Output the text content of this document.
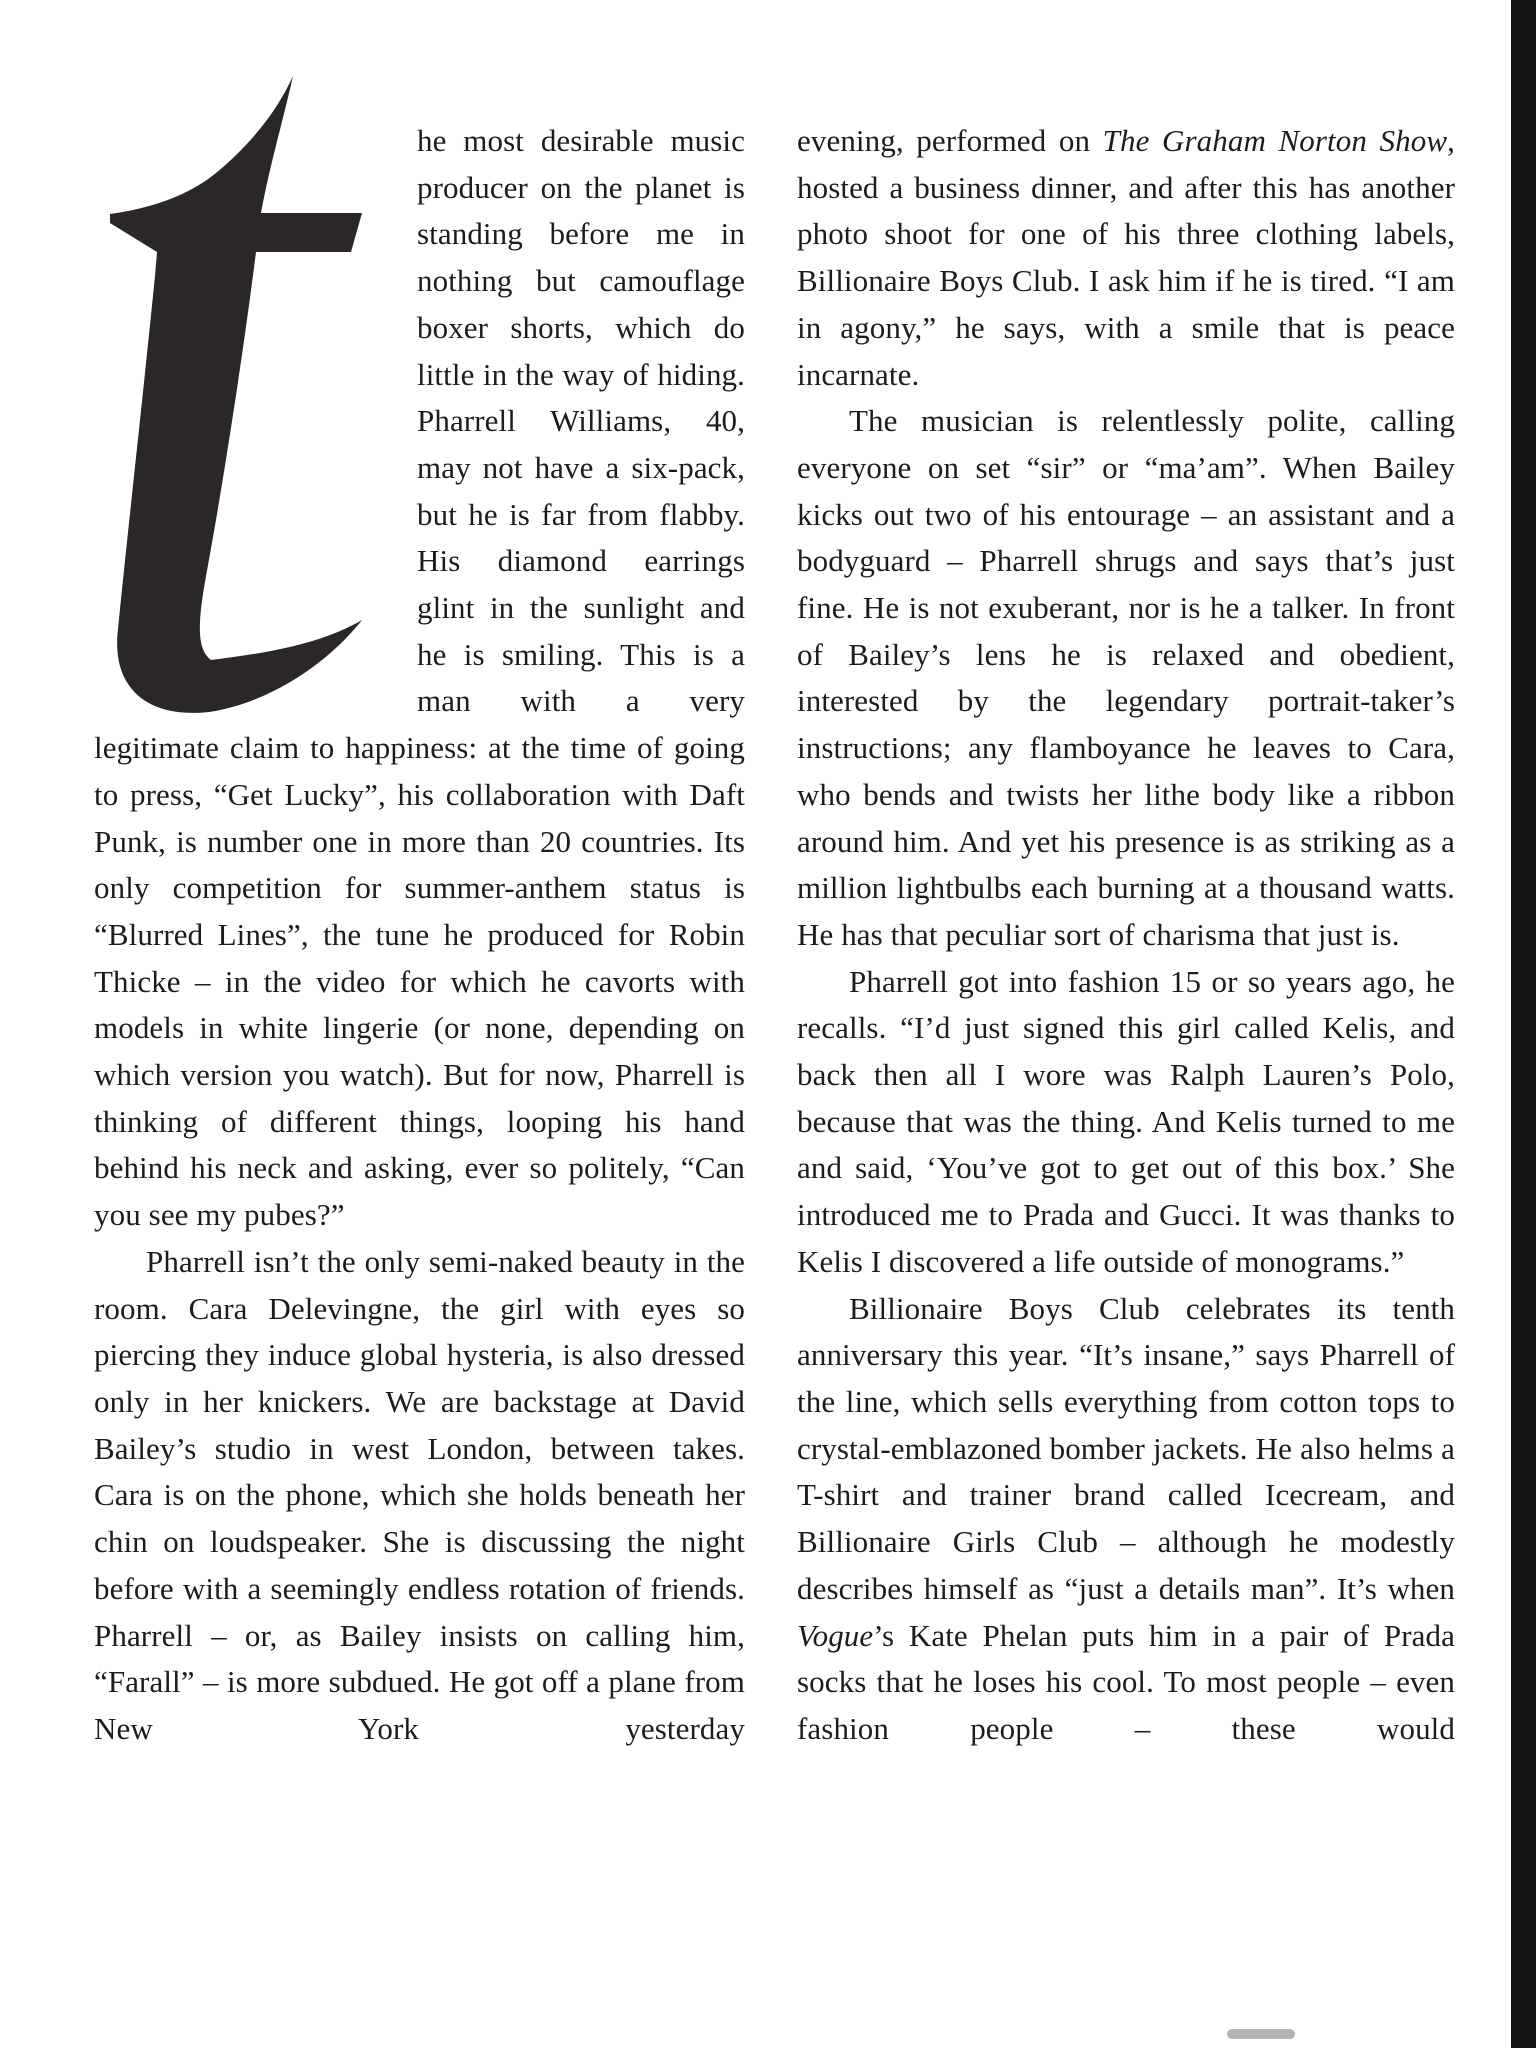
he most desirable music producer on the planet is standing before me in nothing but camouflage boxer shorts, which do little in the way of hiding. Pharrell Williams, 40, may not have a six-pack, but he is far from flabby. His diamond earrings glint in the sunlight and he is smiling. This is a man with a very legitimate claim to happiness: at the time of going to press, “Get Lucky”, his collaboration with Daft Punk, is number one in more than 20 countries. Its only competition for summer-anthem status is “Blurred Lines”, the tune he produced for Robin Thicke – in the video for which he cavorts with models in white lingerie (or none, depending on which version you watch). But for now, Pharrell is thinking of different things, looping his hand behind his neck and asking, ever so politely, “Can you see my pubes?”

Pharrell isn’t the only semi-naked beauty in the room. Cara Delevingne, the girl with eyes so piercing they induce global hysteria, is also dressed only in her knickers. We are backstage at David Bailey’s studio in west London, between takes. Cara is on the phone, which she holds beneath her chin on loudspeaker. She is discussing the night before with a seemingly endless rotation of friends. Pharrell – or, as Bailey insists on calling him, “Farall” – is more subdued. He got off a plane from New York yesterday

evening, performed on The Graham Norton Show, hosted a business dinner, and after this has another photo shoot for one of his three clothing labels, Billionaire Boys Club. I ask him if he is tired. “I am in agony,” he says, with a smile that is peace incarnate.

The musician is relentlessly polite, calling everyone on set “sir” or “ma’am”. When Bailey kicks out two of his entourage – an assistant and a bodyguard – Pharrell shrugs and says that’s just fine. He is not exuberant, nor is he a talker. In front of Bailey’s lens he is relaxed and obedient, interested by the legendary portrait-taker’s instructions; any flamboyance he leaves to Cara, who bends and twists her lithe body like a ribbon around him. And yet his presence is as striking as a million lightbulbs each burning at a thousand watts. He has that peculiar sort of charisma that just is.

Pharrell got into fashion 15 or so years ago, he recalls. “I’d just signed this girl called Kelis, and back then all I wore was Ralph Lauren’s Polo, because that was the thing. And Kelis turned to me and said, ‘You’ve got to get out of this box.’ She introduced me to Prada and Gucci. It was thanks to Kelis I discovered a life outside of monograms.”

Billionaire Boys Club celebrates its tenth anniversary this year. “It’s insane,” says Pharrell of the line, which sells everything from cotton tops to crystal-emblazoned bomber jackets. He also helms a T-shirt and trainer brand called Icecream, and Billionaire Girls Club – although he modestly describes himself as “just a details man”. It’s when Vogue’s Kate Phelan puts him in a pair of Prada socks that he loses his cool. To most people – even fashion people – these would
